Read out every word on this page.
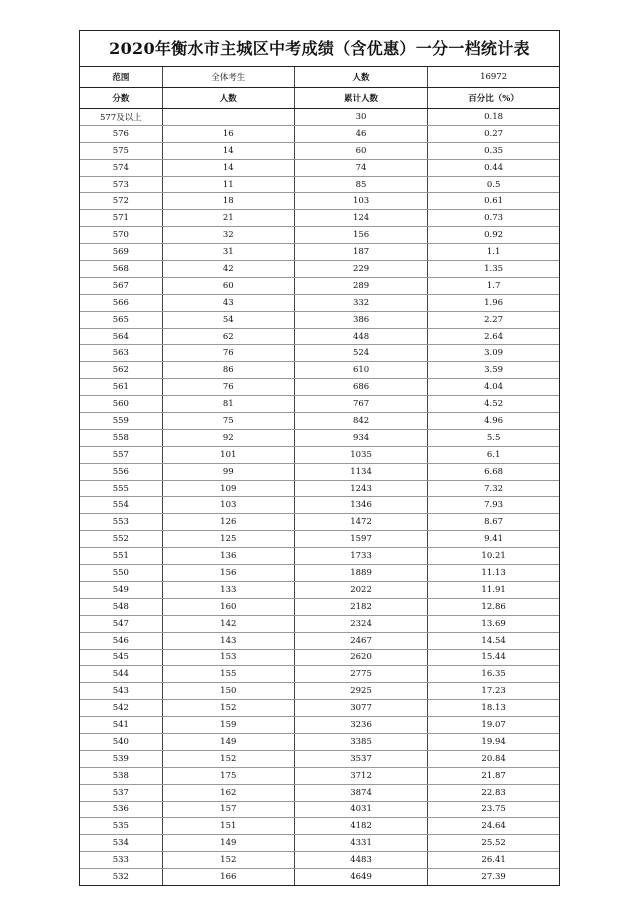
2020年衡水市主城区中考成绩（含优惠）一分一档统计表
范围	全体考生	人数	16972
分数	人数	累计人数	百分比（%）
577及以上		30	0.18
576	16	46	0.27
575	14	60	0.35
574	14	74	0.44
573	11	85	0.5
572	18	103	0.61
571	21	124	0.73
570	32	156	0.92
569	31	187	1.1
568	42	229	1.35
567	60	289	1.7
566	43	332	1.96
565	54	386	2.27
564	62	448	2.64
563	76	524	3.09
562	86	610	3.59
561	76	686	4.04
560	81	767	4.52
559	75	842	4.96
558	92	934	5.5
557	101	1035	6.1
556	99	1134	6.68
555	109	1243	7.32
554	103	1346	7.93
553	126	1472	8.67
552	125	1597	9.41
551	136	1733	10.21
550	156	1889	11.13
549	133	2022	11.91
548	160	2182	12.86
547	142	2324	13.69
546	143	2467	14.54
545	153	2620	15.44
544	155	2775	16.35
543	150	2925	17.23
542	152	3077	18.13
541	159	3236	19.07
540	149	3385	19.94
539	152	3537	20.84
538	175	3712	21.87
537	162	3874	22.83
536	157	4031	23.75
535	151	4182	24.64
534	149	4331	25.52
533	152	4483	26.41
532	166	4649	27.39
